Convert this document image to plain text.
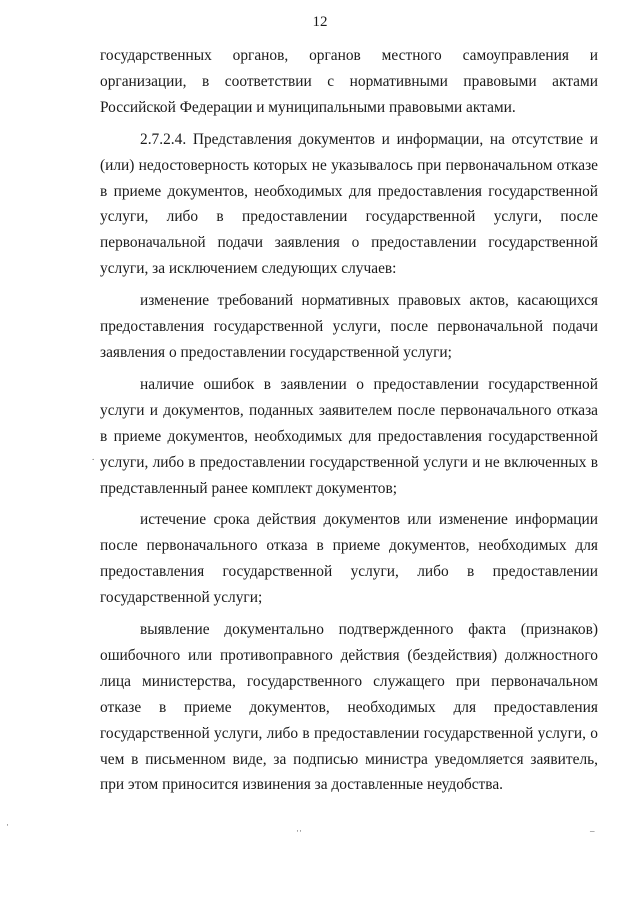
12

государственных органов, органов местного самоуправления и организации, в соответствии с нормативными правовыми актами Российской Федерации и муниципальными правовыми актами.

2.7.2.4. Представления документов и информации, на отсутствие и (или) недостоверность которых не указывалось при первоначальном отказе в приеме документов, необходимых для предоставления государственной услуги, либо в предоставлении государственной услуги, после первоначальной подачи заявления о предоставлении государственной услуги, за исключением следующих случаев:

изменение требований нормативных правовых актов, касающихся предоставления государственной услуги, после первоначальной подачи заявления о предоставлении государственной услуги;

наличие ошибок в заявлении о предоставлении государственной услуги и документов, поданных заявителем после первоначального отказа в приеме документов, необходимых для предоставления государственной услуги, либо в предоставлении государственной услуги и не включенных в представленный ранее комплект документов;

истечение срока действия документов или изменение информации после первоначального отказа в приеме документов, необходимых для предоставления государственной услуги, либо в предоставлении государственной услуги;

выявление документально подтвержденного факта (признаков) ошибочного или противоправного действия (бездействия) должностного лица министерства, государственного служащего при первоначальном отказе в приеме документов, необходимых для предоставления государственной услуги, либо в предоставлении государственной услуги, о чем в письменном виде, за подписью министра уведомляется заявитель, при этом приносится извинения за доставленные неудобства.

.
·
··	–
